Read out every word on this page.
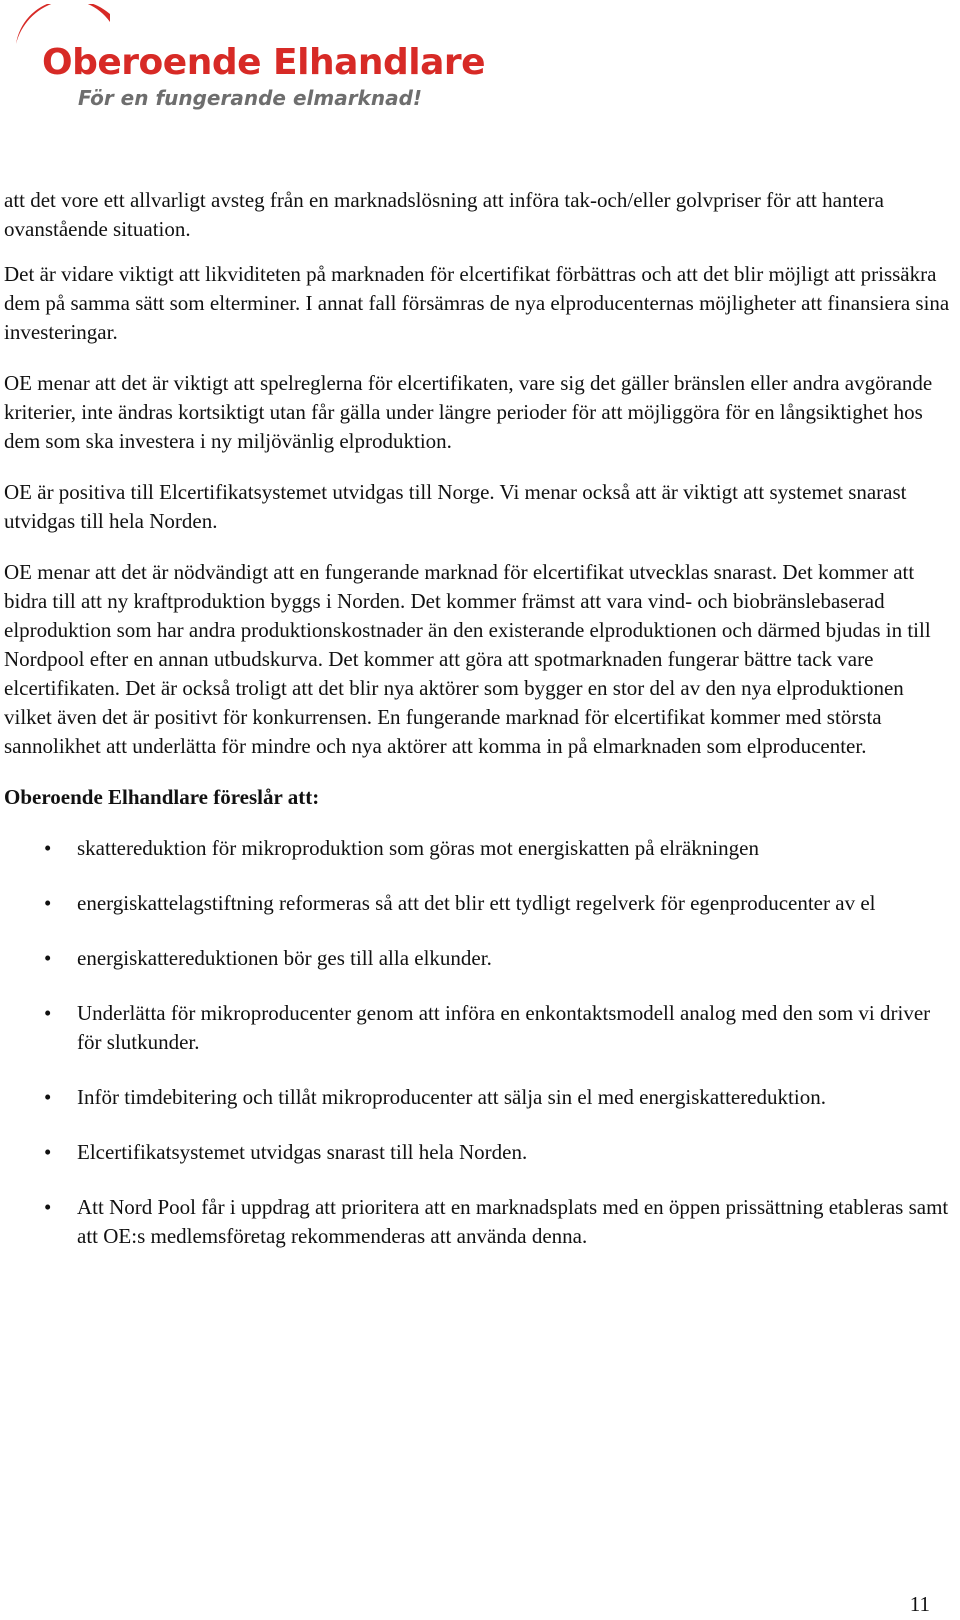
Oberoende Elhandlare
För en fungerande elmarknad!

att det vore ett allvarligt avsteg från en marknadslösning att införa tak-och/eller golvpriser för att hantera ovanstående situation.

Det är vidare viktigt att likviditeten på marknaden för elcertifikat förbättras och att det blir möjligt att prissäkra dem på samma sätt som elterminer. I annat fall försämras de nya elproducenternas möjligheter att finansiera sina investeringar.

OE menar att det är viktigt att spelreglerna för elcertifikaten, vare sig det gäller bränslen eller andra avgörande kriterier, inte ändras kortsiktigt utan får gälla under längre perioder för att möjliggöra för en långsiktighet hos dem som ska investera i ny miljövänlig elproduktion.

OE är positiva till Elcertifikatsystemet utvidgas till Norge. Vi menar också att är viktigt att systemet snarast utvidgas till hela Norden.

OE menar att det är nödvändigt att en fungerande marknad för elcertifikat utvecklas snarast. Det kommer att bidra till att ny kraftproduktion byggs i Norden. Det kommer främst att vara vind- och biobränslebaserad elproduktion som har andra produktionskostnader än den existerande elproduktionen och därmed bjudas in till Nordpool efter en annan utbudskurva. Det kommer att göra att spotmarknaden fungerar bättre tack vare elcertifikaten. Det är också troligt att det blir nya aktörer som bygger en stor del av den nya elproduktionen vilket även det är positivt för konkurrensen. En fungerande marknad för elcertifikat kommer med största sannolikhet att underlätta för mindre och nya aktörer att komma in på elmarknaden som elproducenter.

Oberoende Elhandlare föreslår att:
• skattereduktion för mikroproduktion som göras mot energiskatten på elräkningen
• energiskattelagstiftning reformeras så att det blir ett tydligt regelverk för egenproducenter av el
• energiskattereduktionen bör ges till alla elkunder.
• Underlätta för mikroproducenter genom att införa en enkontaktsmodell analog med den som vi driver för slutkunder.
• Inför timdebitering och tillåt mikroproducenter att sälja sin el med energiskattereduktion.
• Elcertifikatsystemet utvidgas snarast till hela Norden.
• Att Nord Pool får i uppdrag att prioritera att en marknadsplats med en öppen prissättning etableras samt att OE:s medlemsföretag rekommenderas att använda denna.
11
